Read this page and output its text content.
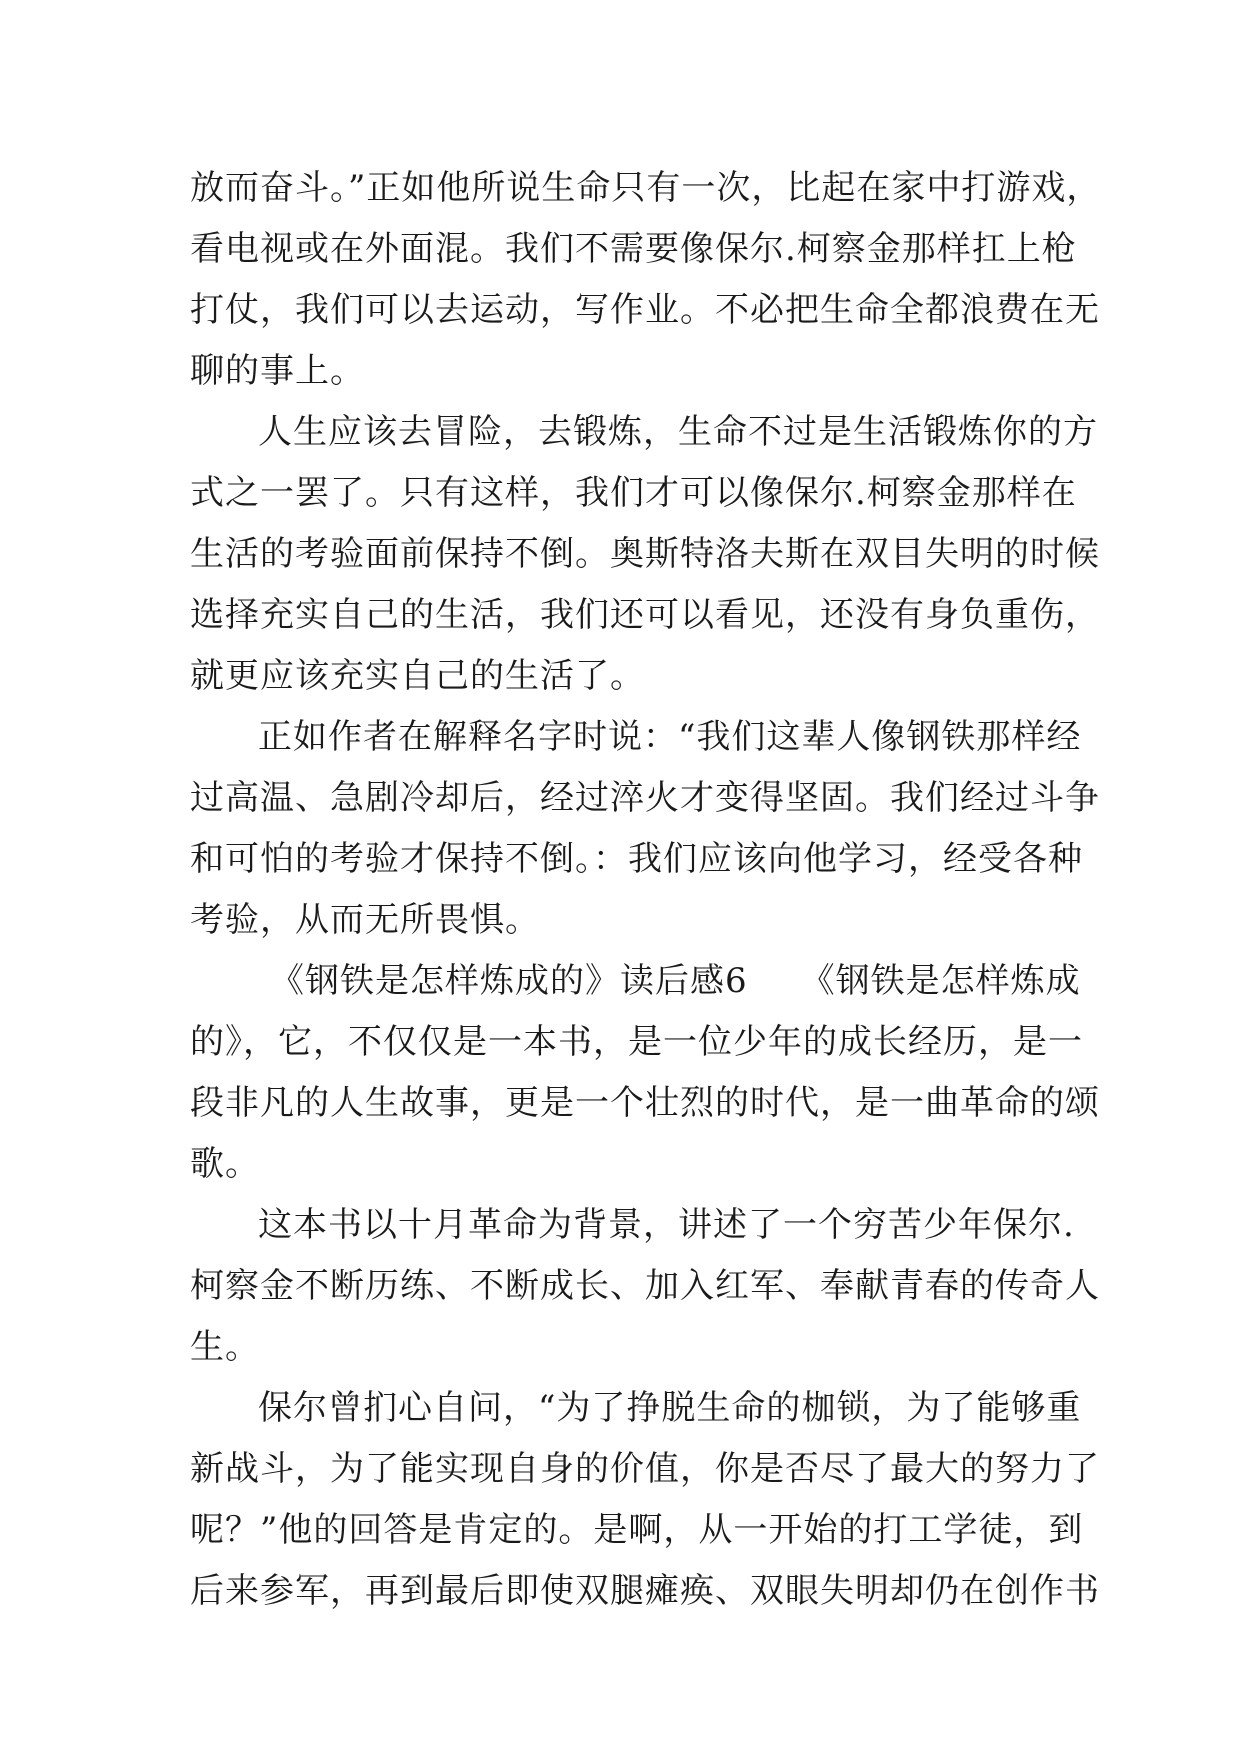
放而奋斗。”正如他所说生命只有一次，比起在家中打游戏，
看电视或在外面混。我们不需要像保尔.柯察金那样扛上枪
打仗，我们可以去运动，写作业。不必把生命全都浪费在无
聊的事上。
人生应该去冒险，去锻炼，生命不过是生活锻炼你的方
式之一罢了。只有这样，我们才可以像保尔.柯察金那样在
生活的考验面前保持不倒。奥斯特洛夫斯在双目失明的时候
选择充实自己的生活，我们还可以看见，还没有身负重伤，
就更应该充实自己的生活了。
正如作者在解释名字时说：“我们这辈人像钢铁那样经
过高温、急剧冷却后，经过淬火才变得坚固。我们经过斗争
和可怕的考验才保持不倒。：我们应该向他学习，经受各种
考验，从而无所畏惧。
《钢铁是怎样炼成的》读后感6　　《钢铁是怎样炼成
的》，它，不仅仅是一本书，是一位少年的成长经历，是一
段非凡的人生故事，更是一个壮烈的时代，是一曲革命的颂
歌。
这本书以十月革命为背景，讲述了一个穷苦少年保尔.
柯察金不断历练、不断成长、加入红军、奉献青春的传奇人
生。
保尔曾扪心自问，“为了挣脱生命的枷锁，为了能够重
新战斗，为了能实现自身的价值，你是否尽了最大的努力了
呢？”他的回答是肯定的。是啊，从一开始的打工学徒，到
后来参军，再到最后即使双腿瘫痪、双眼失明却仍在创作书
